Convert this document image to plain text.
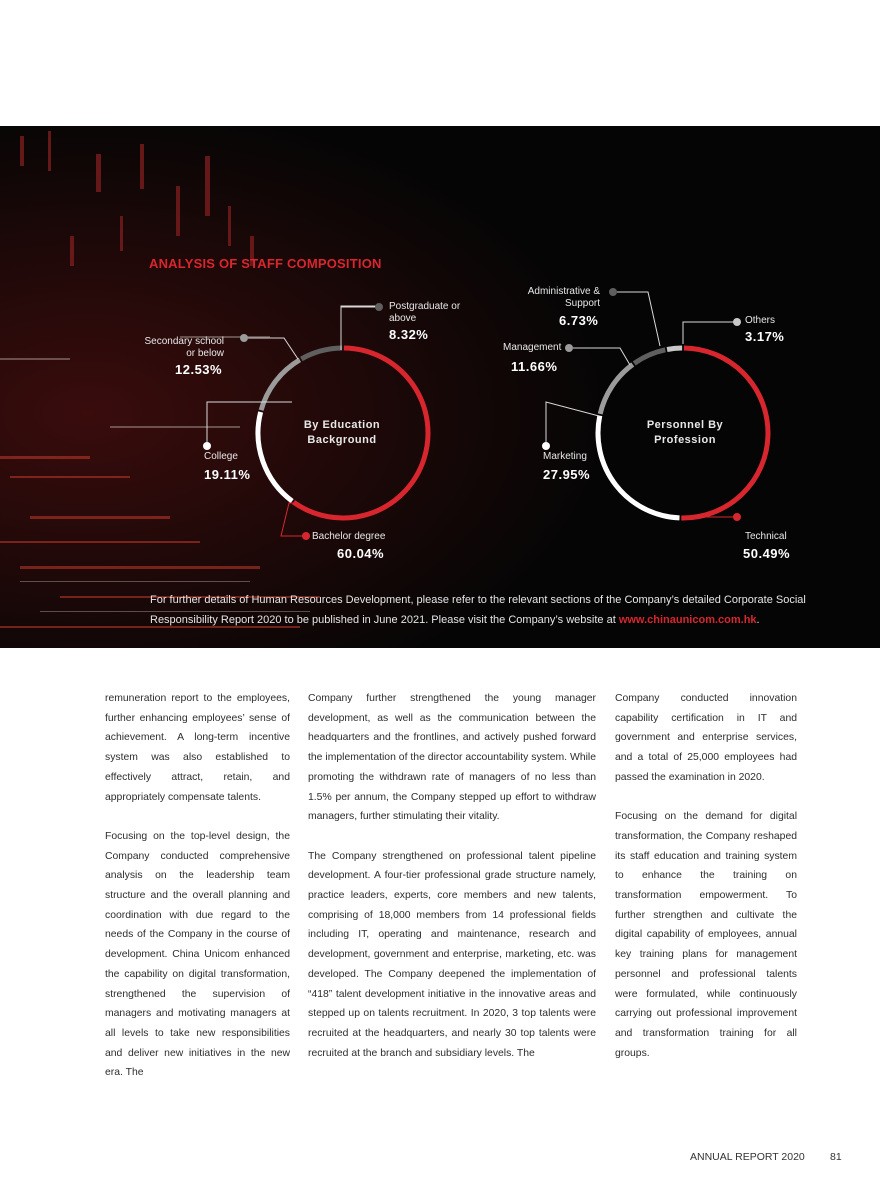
By Education
Background
Personnel By
Profession
Postgraduate or
above
8.32%
Secondary school
or below
12.53%
College
19.11%
Bachelor degree
60.04%
Administrative &
Support
6.73%	Others
3.17%
Management
11.66%
Marketing
27.95%
Technical
50.49%
ANALYSIS OF STAFF COMPOSITION
For further details of Human Resources Development, please refer to the relevant sections of the Company’s detailed Corporate Social Responsibility Report 2020 to be published in June 2021. Please visit the Company’s website at www.chinaunicom.com.hk.

remuneration report to the employees, further enhancing employees’ sense of achievement. A long-term incentive system was also established to effectively attract, retain, and appropriately compensate talents.

Focusing on the top-level design, the Company conducted comprehensive analysis on the leadership team structure and the overall planning and coordination with due regard to the needs of the Company in the course of development. China Unicom enhanced the capability on digital transformation, strengthened the supervision of managers and motivating managers at all levels to take new responsibilities and deliver new initiatives in the new era. The

Company further strengthened the young manager development, as well as the communication between the headquarters and the frontlines, and actively pushed forward the implementation of the director accountability system. While promoting the withdrawn rate of managers of no less than 1.5% per annum, the Company stepped up effort to withdraw managers, further stimulating their vitality.

The Company strengthened on professional talent pipeline development. A four-tier professional grade structure namely, practice leaders, experts, core members and new talents, comprising of 18,000 members from 14 professional fields including IT, operating and maintenance, research and development, government and enterprise, marketing, etc. was developed. The Company deepened the implementation of “418” talent development initiative in the innovative areas and stepped up on talents recruitment. In 2020, 3 top talents were recruited at the headquarters, and nearly 30 top talents were recruited at the branch and subsidiary levels. The

Company conducted innovation capability certification in IT and government and enterprise services, and a total of 25,000 employees had passed the examination in 2020.

Focusing on the demand for digital transformation, the Company reshaped its staff education and training system to enhance the training on transformation empowerment. To further strengthen and cultivate the digital capability of employees, annual key training plans for management personnel and professional talents were formulated, while continuously carrying out professional improvement and transformation training for all groups.

ANNUAL REPORT 2020 81
